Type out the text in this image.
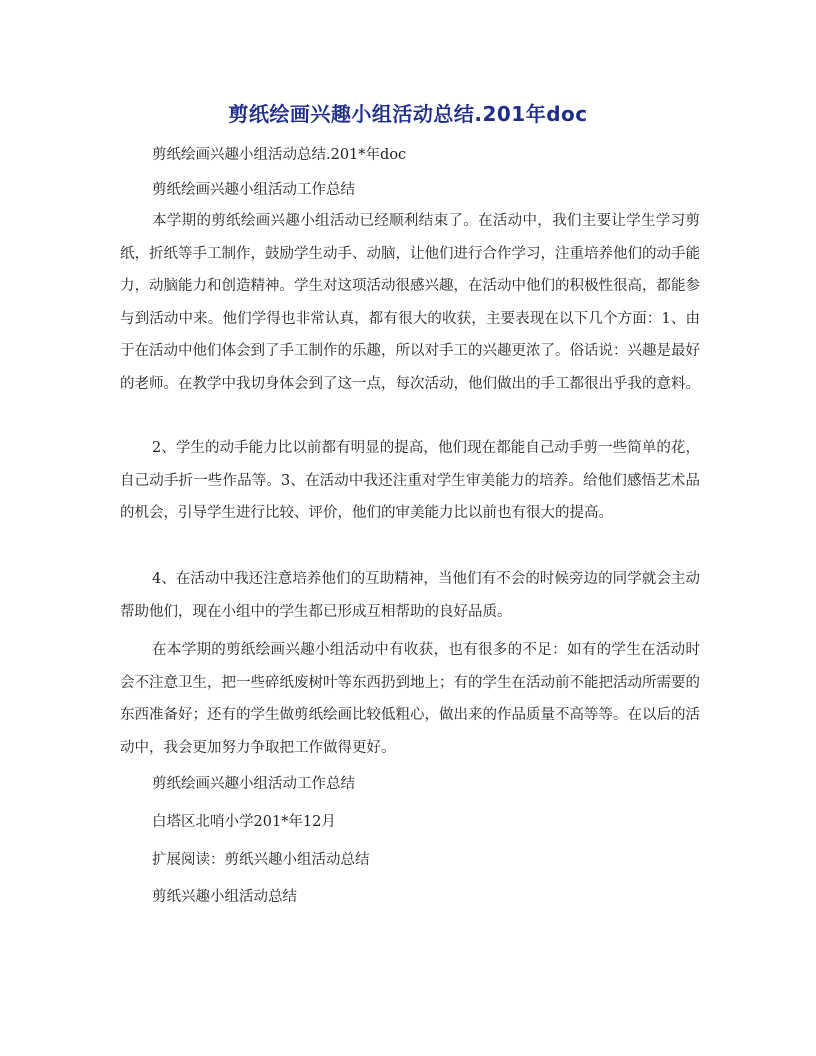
剪纸绘画兴趣小组活动总结.201年doc
剪纸绘画兴趣小组活动总结.201*年doc
剪纸绘画兴趣小组活动工作总结

本学期的剪纸绘画兴趣小组活动已经顺利结束了。在活动中，我们主要让学生学习剪纸，折纸等手工制作，鼓励学生动手、动脑，让他们进行合作学习，注重培养他们的动手能力，动脑能力和创造精神。学生对这项活动很感兴趣，在活动中他们的积极性很高，都能参与到活动中来。他们学得也非常认真，都有很大的收获，主要表现在以下几个方面：1、由于在活动中他们体会到了手工制作的乐趣，所以对手工的兴趣更浓了。俗话说：兴趣是最好的老师。在教学中我切身体会到了这一点，每次活动，他们做出的手工都很出乎我的意料。

2、学生的动手能力比以前都有明显的提高，他们现在都能自己动手剪一些简单的花，自己动手折一些作品等。3、在活动中我还注重对学生审美能力的培养。给他们感悟艺术品的机会，引导学生进行比较、评价，他们的审美能力比以前也有很大的提高。

4、在活动中我还注意培养他们的互助精神，当他们有不会的时候旁边的同学就会主动帮助他们，现在小组中的学生都已形成互相帮助的良好品质。

在本学期的剪纸绘画兴趣小组活动中有收获，也有很多的不足：如有的学生在活动时会不注意卫生，把一些碎纸废树叶等东西扔到地上；有的学生在活动前不能把活动所需要的东西准备好；还有的学生做剪纸绘画比较低粗心，做出来的作品质量不高等等。在以后的活动中，我会更加努力争取把工作做得更好。

剪纸绘画兴趣小组活动工作总结
白塔区北哨小学201*年12月
扩展阅读：剪纸兴趣小组活动总结
剪纸兴趣小组活动总结
